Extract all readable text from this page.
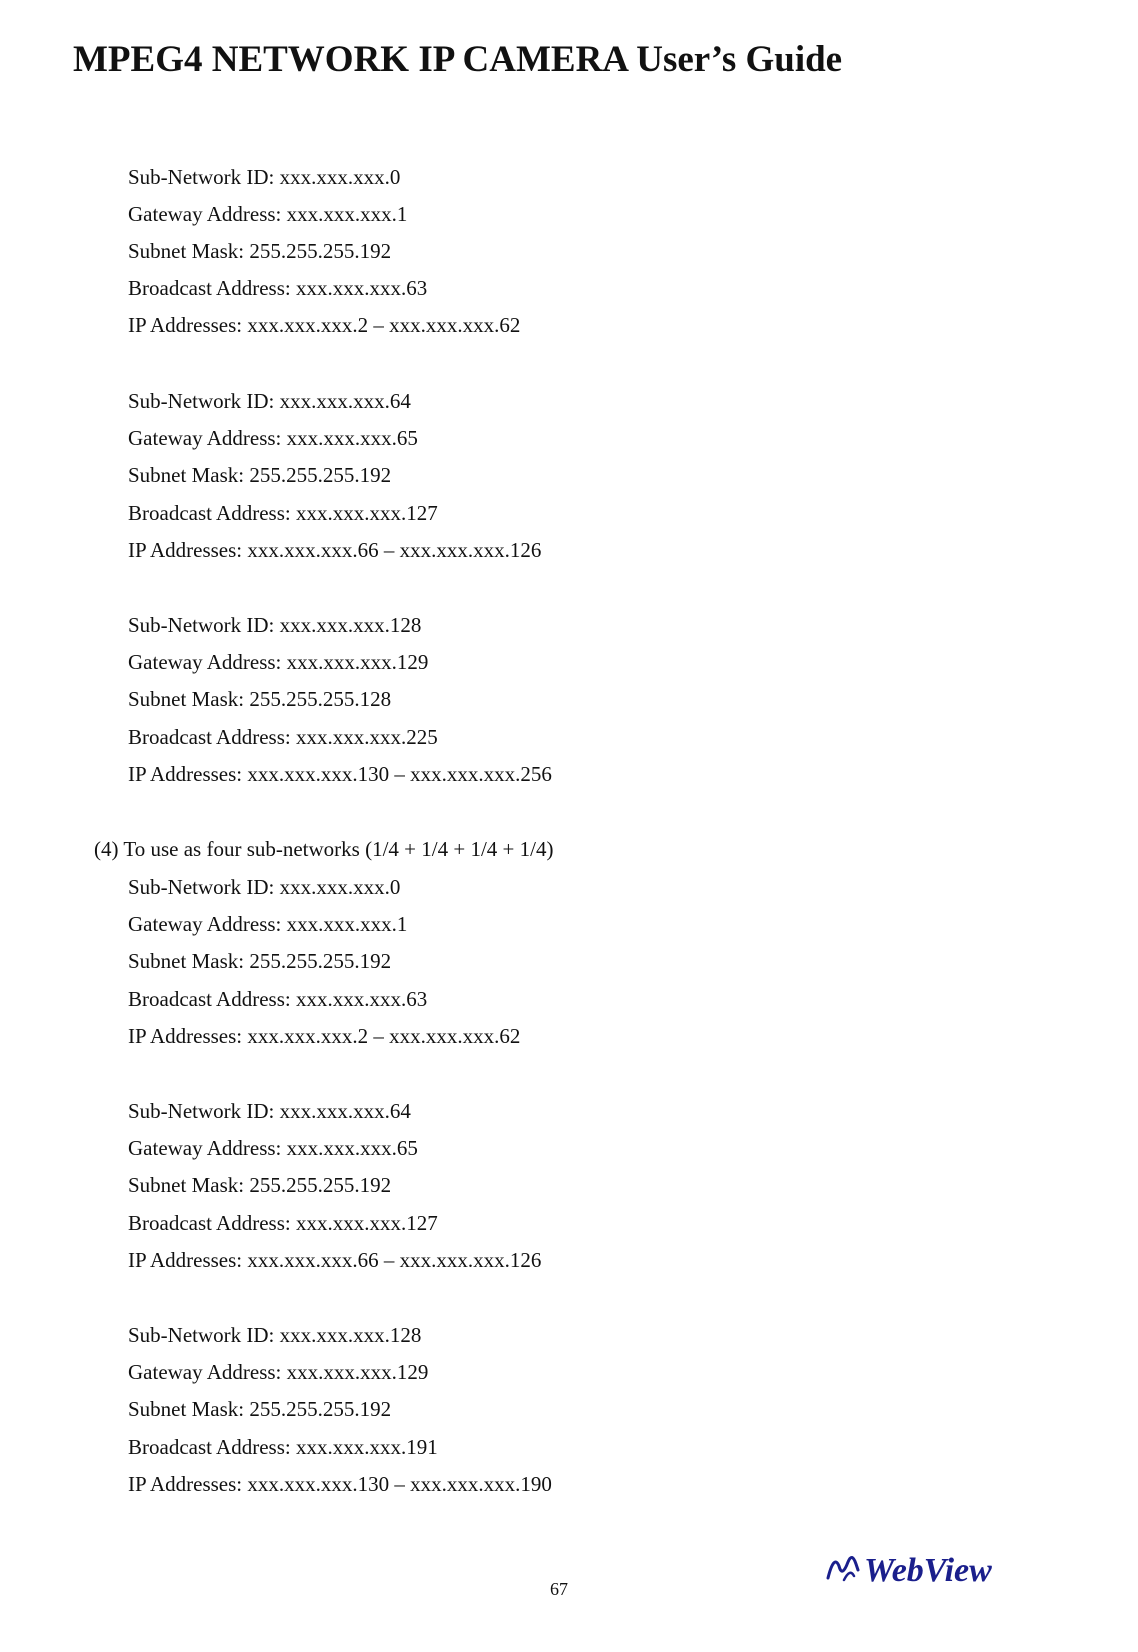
MPEG4 NETWORK IP CAMERA User’s Guide
Sub-Network ID: xxx.xxx.xxx.0
Gateway Address: xxx.xxx.xxx.1
Subnet Mask: 255.255.255.192
Broadcast Address: xxx.xxx.xxx.63
IP Addresses: xxx.xxx.xxx.2 – xxx.xxx.xxx.62
Sub-Network ID: xxx.xxx.xxx.64
Gateway Address: xxx.xxx.xxx.65
Subnet Mask: 255.255.255.192
Broadcast Address: xxx.xxx.xxx.127
IP Addresses: xxx.xxx.xxx.66 – xxx.xxx.xxx.126
Sub-Network ID: xxx.xxx.xxx.128
Gateway Address: xxx.xxx.xxx.129
Subnet Mask: 255.255.255.128
Broadcast Address: xxx.xxx.xxx.225
IP Addresses: xxx.xxx.xxx.130 – xxx.xxx.xxx.256
(4) To use as four sub-networks (1/4 + 1/4 + 1/4 + 1/4)
Sub-Network ID: xxx.xxx.xxx.0
Gateway Address: xxx.xxx.xxx.1
Subnet Mask: 255.255.255.192
Broadcast Address: xxx.xxx.xxx.63
IP Addresses: xxx.xxx.xxx.2 – xxx.xxx.xxx.62
Sub-Network ID: xxx.xxx.xxx.64
Gateway Address: xxx.xxx.xxx.65
Subnet Mask: 255.255.255.192
Broadcast Address: xxx.xxx.xxx.127
IP Addresses: xxx.xxx.xxx.66 – xxx.xxx.xxx.126
Sub-Network ID: xxx.xxx.xxx.128
Gateway Address: xxx.xxx.xxx.129
Subnet Mask: 255.255.255.192
Broadcast Address: xxx.xxx.xxx.191
IP Addresses: xxx.xxx.xxx.130 – xxx.xxx.xxx.190
67	WebView
